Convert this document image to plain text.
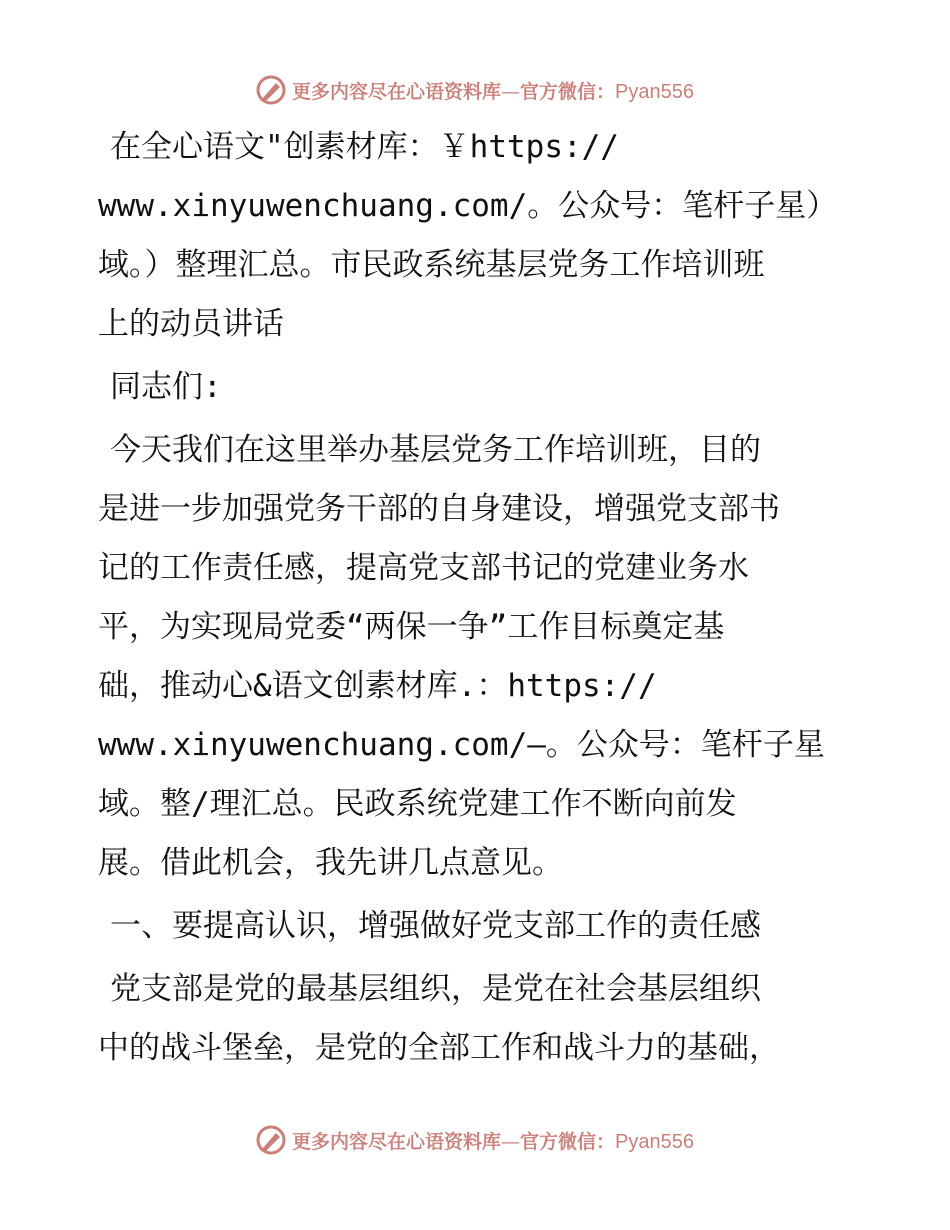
更多内容尽在心语资料库—官方微信：Pyan556

在全心语文"创素材库：￥https://
www.xinyuwenchuang.com/。公众号：笔杆子星）
域。）整理汇总。市民政系统基层党务工作培训班
上的动员讲话

同志们:

今天我们在这里举办基层党务工作培训班，目的
是进一步加强党务干部的自身建设，增强党支部书
记的工作责任感，提高党支部书记的党建业务水
平，为实现局党委“两保一争”工作目标奠定基
础，推动心&语文创素材库.：https://
www.xinyuwenchuang.com/—。公众号：笔杆子星
域。整/理汇总。民政系统党建工作不断向前发
展。借此机会，我先讲几点意见。

一、要提高认识，增强做好党支部工作的责任感

党支部是党的最基层组织，是党在社会基层组织
中的战斗堡垒，是党的全部工作和战斗力的基础，

更多内容尽在心语资料库—官方微信：Pyan556
